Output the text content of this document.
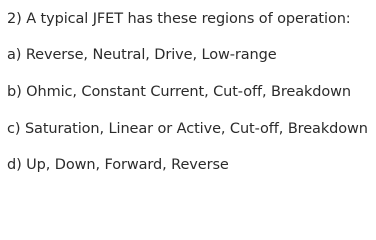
2) A typical JFET has these regions of operation:
a) Reverse, Neutral, Drive, Low-range
b) Ohmic, Constant Current, Cut-off, Breakdown
c) Saturation, Linear or Active, Cut-off, Breakdown
d) Up, Down, Forward, Reverse
